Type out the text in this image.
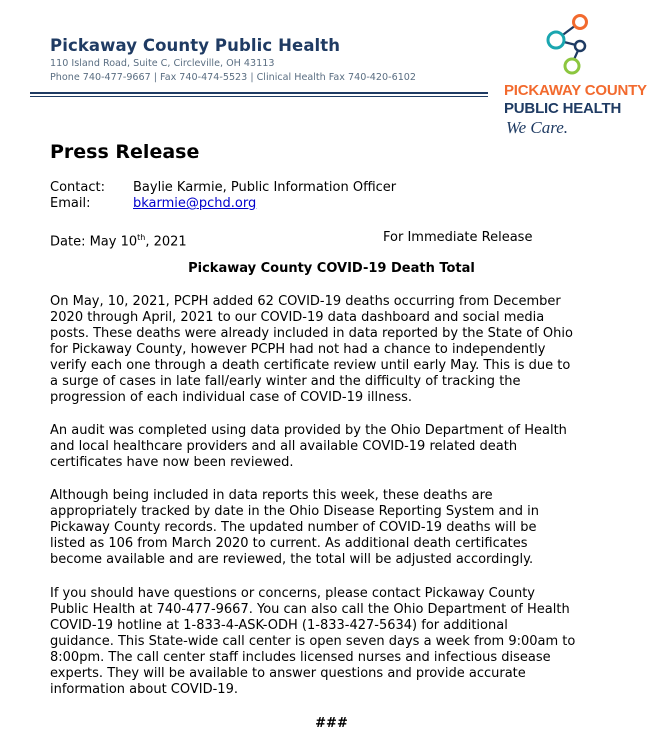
Pickaway County Public Health
110 Island Road, Suite C, Circleville, OH 43113
Phone 740-477-9667 | Fax 740-474-5523 | Clinical Health Fax 740-420-6102
PICKAWAY COUNTY
PUBLIC HEALTH
We Care.
Press Release
Contact: Baylie Karmie, Public Information Officer
Email:	bkarmie@pchd.org
Date: May 10th, 2021	For Immediate Release
Pickaway County COVID-19 Death Total
On May, 10, 2021, PCPH added 62 COVID-19 deaths occurring from December
2020 through April, 2021 to our COVID-19 data dashboard and social media
posts. These deaths were already included in data reported by the State of Ohio
for Pickaway County, however PCPH had not had a chance to independently
verify each one through a death certificate review until early May. This is due to
a surge of cases in late fall/early winter and the difficulty of tracking the
progression of each individual case of COVID-19 illness.
An audit was completed using data provided by the Ohio Department of Health
and local healthcare providers and all available COVID-19 related death
certificates have now been reviewed.
Although being included in data reports this week, these deaths are
appropriately tracked by date in the Ohio Disease Reporting System and in
Pickaway County records. The updated number of COVID-19 deaths will be
listed as 106 from March 2020 to current. As additional death certificates
become available and are reviewed, the total will be adjusted accordingly.
If you should have questions or concerns, please contact Pickaway County
Public Health at 740-477-9667. You can also call the Ohio Department of Health
COVID-19 hotline at 1-833-4-ASK-ODH (1-833-427-5634) for additional
guidance. This State-wide call center is open seven days a week from 9:00am to
8:00pm. The call center staff includes licensed nurses and infectious disease
experts. They will be available to answer questions and provide accurate
information about COVID-19.
###
